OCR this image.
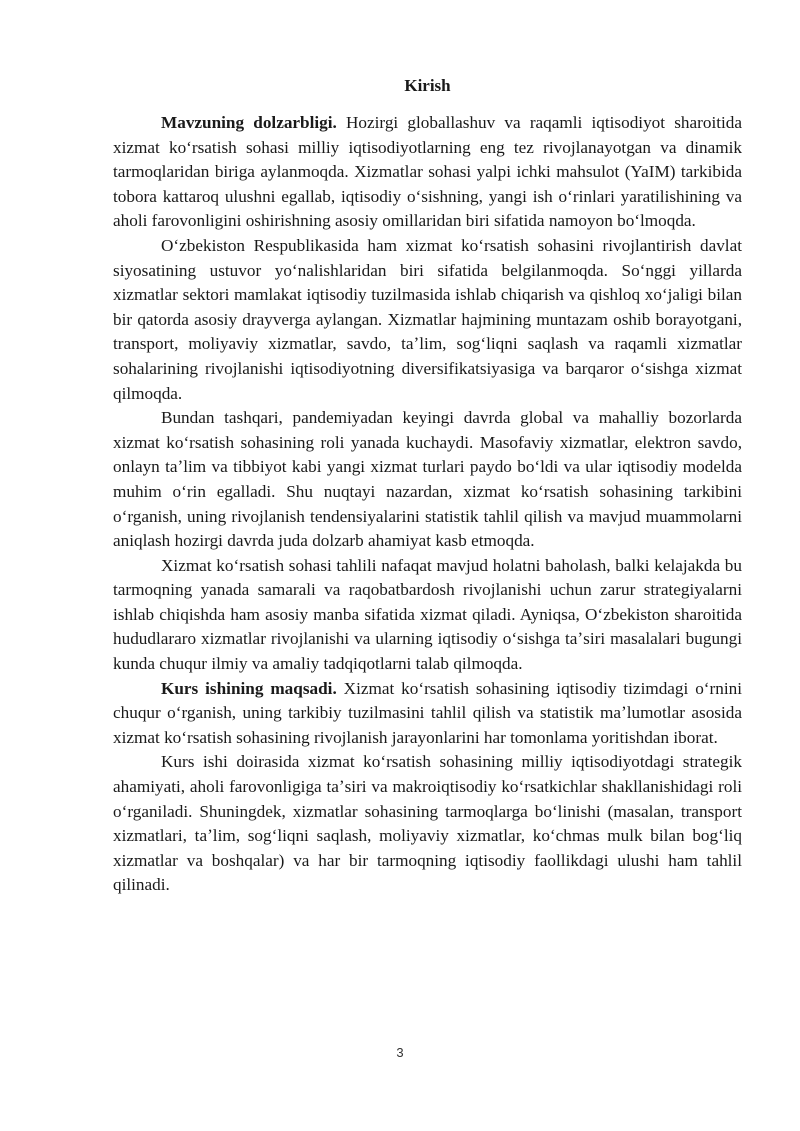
Kirish

Mavzuning dolzarbligi. Hozirgi globallashuv va raqamli iqtisodiyot sharoitida xizmat koʻrsatish sohasi milliy iqtisodiyotlarning eng tez rivojlanayotgan va dinamik tarmoqlaridan biriga aylanmoqda. Xizmatlar sohasi yalpi ichki mahsulot (YaIM) tarkibida tobora kattaroq ulushni egallab, iqtisodiy oʻsishning, yangi ish oʻrinlari yaratilishining va aholi farovonligini oshirishning asosiy omillaridan biri sifatida namoyon boʻlmoqda.

Oʻzbekiston Respublikasida ham xizmat koʻrsatish sohasini rivojlantirish davlat siyosatining ustuvor yoʻnalishlaridan biri sifatida belgilanmoqda. Soʻnggi yillarda xizmatlar sektori mamlakat iqtisodiy tuzilmasida ishlab chiqarish va qishloq xoʻjaligi bilan bir qatorda asosiy drayverga aylangan. Xizmatlar hajmining muntazam oshib borayotgani, transport, moliyaviy xizmatlar, savdo, taʼlim, sogʻliqni saqlash va raqamli xizmatlar sohalarining rivojlanishi iqtisodiyotning diversifikatsiyasiga va barqaror oʻsishga xizmat qilmoqda.

Bundan tashqari, pandemiyadan keyingi davrda global va mahalliy bozorlarda xizmat koʻrsatish sohasining roli yanada kuchaydi. Masofaviy xizmatlar, elektron savdo, onlayn taʼlim va tibbiyot kabi yangi xizmat turlari paydo boʻldi va ular iqtisodiy modelda muhim oʻrin egalladi. Shu nuqtayi nazardan, xizmat koʻrsatish sohasining tarkibini oʻrganish, uning rivojlanish tendensiyalarini statistik tahlil qilish va mavjud muammolarni aniqlash hozirgi davrda juda dolzarb ahamiyat kasb etmoqda.

Xizmat koʻrsatish sohasi tahlili nafaqat mavjud holatni baholash, balki kelajakda bu tarmoqning yanada samarali va raqobatbardosh rivojlanishi uchun zarur strategiyalarni ishlab chiqishda ham asosiy manba sifatida xizmat qiladi. Ayniqsa, Oʻzbekiston sharoitida hududlararo xizmatlar rivojlanishi va ularning iqtisodiy oʻsishga taʼsiri masalalari bugungi kunda chuqur ilmiy va amaliy tadqiqotlarni talab qilmoqda.

Kurs ishining maqsadi. Xizmat koʻrsatish sohasining iqtisodiy tizimdagi oʻrnini chuqur oʻrganish, uning tarkibiy tuzilmasini tahlil qilish va statistik maʼlumotlar asosida xizmat koʻrsatish sohasining rivojlanish jarayonlarini har tomonlama yoritishdan iborat.

Kurs ishi doirasida xizmat koʻrsatish sohasining milliy iqtisodiyotdagi strategik ahamiyati, aholi farovonligiga taʼsiri va makroiqtisodiy koʻrsatkichlar shakllanishidagi roli oʻrganiladi. Shuningdek, xizmatlar sohasining tarmoqlarga boʻlinishi (masalan, transport xizmatlari, taʼlim, sogʻliqni saqlash, moliyaviy xizmatlar, koʻchmas mulk bilan bogʻliq xizmatlar va boshqalar) va har bir tarmoqning iqtisodiy faollikdagi ulushi ham tahlil qilinadi.

3
